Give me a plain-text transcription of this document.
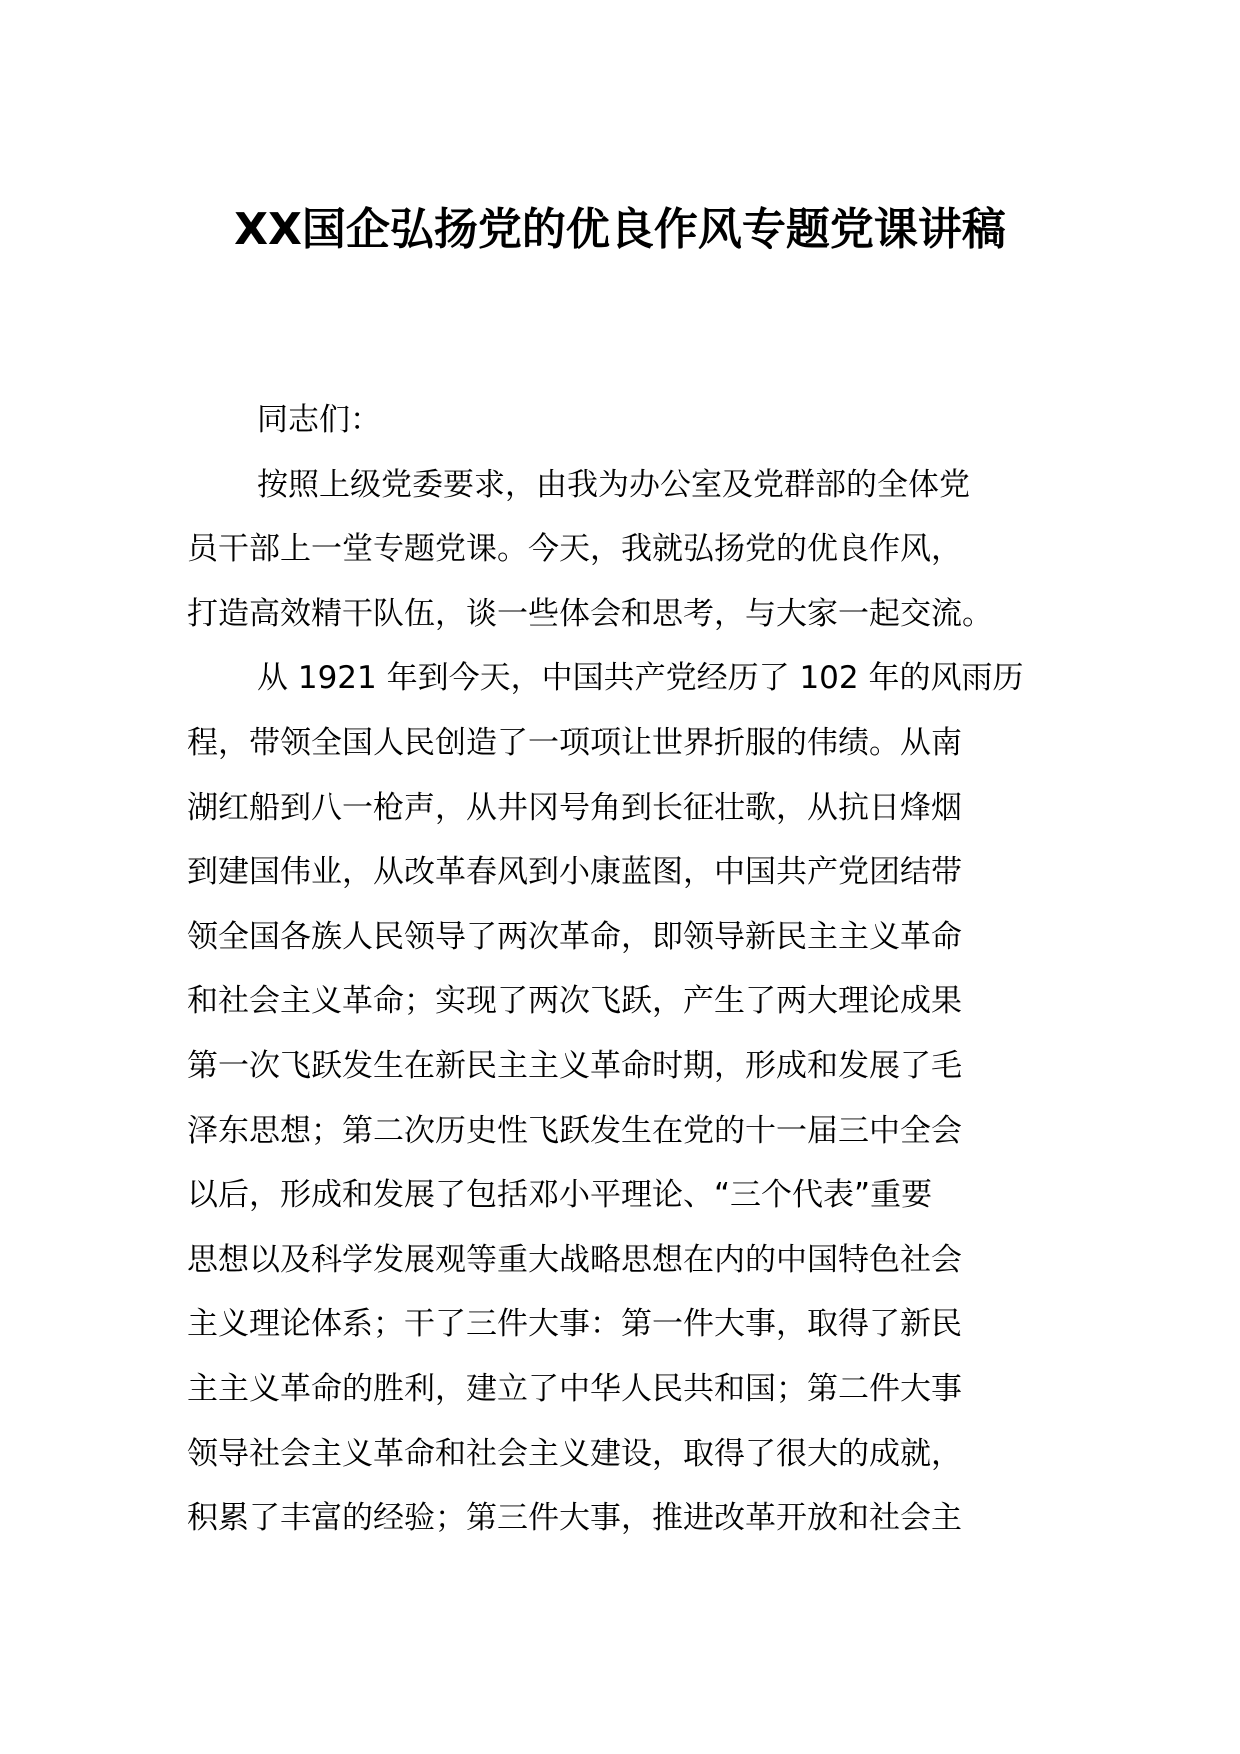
XX国企弘扬党的优良作风专题党课讲稿

同志们：

按照上级党委要求，由我为办公室及党群部的全体党

员干部上一堂专题党课。今天，我就弘扬党的优良作风，

打造高效精干队伍，谈一些体会和思考，与大家一起交流。

从 1921 年到今天，中国共产党经历了 102 年的风雨历

程，带领全国人民创造了一项项让世界折服的伟绩。从南

湖红船到八一枪声，从井冈号角到长征壮歌，从抗日烽烟

到建国伟业，从改革春风到小康蓝图，中国共产党团结带

领全国各族人民领导了两次革命，即领导新民主主义革命

和社会主义革命；实现了两次飞跃，产生了两大理论成果

第一次飞跃发生在新民主主义革命时期，形成和发展了毛

泽东思想；第二次历史性飞跃发生在党的十一届三中全会

以后，形成和发展了包括邓小平理论、“三个代表”重要

思想以及科学发展观等重大战略思想在内的中国特色社会

主义理论体系；干了三件大事：第一件大事，取得了新民

主主义革命的胜利，建立了中华人民共和国；第二件大事

领导社会主义革命和社会主义建设，取得了很大的成就，

积累了丰富的经验；第三件大事，推进改革开放和社会主
